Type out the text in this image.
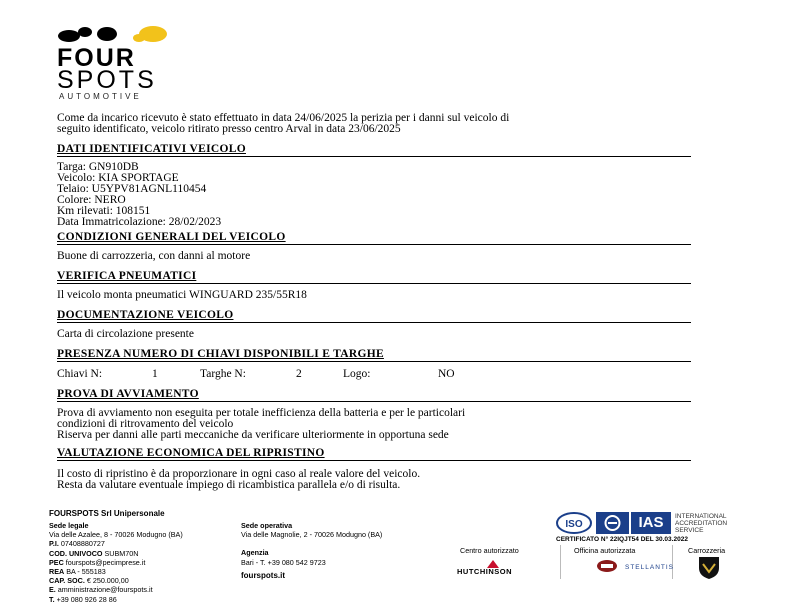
FOUR
SPOTS
AUTOMOTIVE
Come da incarico ricevuto è stato effettuato in data 24/06/2025 la perizia per i danni sul veicolo di
seguito identificato, veicolo ritirato presso centro Arval in data 23/06/2025
DATI IDENTIFICATIVI VEICOLO
Targa: GN910DB
Veicolo: KIA SPORTAGE
Telaio: U5YPV81AGNL110454
Colore: NERO
Km rilevati: 108151
Data Immatricolazione: 28/02/2023
CONDIZIONI GENERALI DEL VEICOLO
Buone di carrozzeria, con danni al motore
VERIFICA PNEUMATICI
Il veicolo monta pneumatici WINGUARD 235/55R18
DOCUMENTAZIONE VEICOLO
Carta di circolazione presente
PRESENZA NUMERO DI CHIAVI DISPONIBILI E TARGHE
Chiavi N:	1	Targhe N:	2	Logo:	NO
PROVA DI AVVIAMENTO
Prova di avviamento non eseguita per totale inefficienza della batteria e per le particolari
condizioni di ritrovamento del veicolo
Riserva per danni alle parti meccaniche da verificare ulteriormente in opportuna sede
VALUTAZIONE ECONOMICA DEL RIPRISTINO
Il costo di ripristino è da proporzionare in ogni caso al reale valore del veicolo.
Resta da valutare eventuale impiego di ricambistica parallela e/o di risulta.
FOURSPOTS Srl Unipersonale
Sede legale
Via delle Azalee, 8 - 70026 Modugno (BA)
P.I. 07408880727
COD. UNIVOCO SUBM70N
PEC fourspots@pecimprese.it
REA BA - 555183
CAP. SOC. € 250.000,00
E. amministrazione@fourspots.it
T. +39 080 926 28 86
Sede operativa
Via delle Magnolie, 2 - 70026 Modugno (BA)
Agenzia
Bari - T. +39 080 542 9723
fourspots.it
ISO	IAS	INTERNATIONAL
ACCREDITATION
SERVICE
CERTIFICATO N° 22IQJT54 DEL 30.03.2022
Centro autorizzato	Officina autorizzata	Carrozzeria
HUTCHINSON	STELLANTIS
